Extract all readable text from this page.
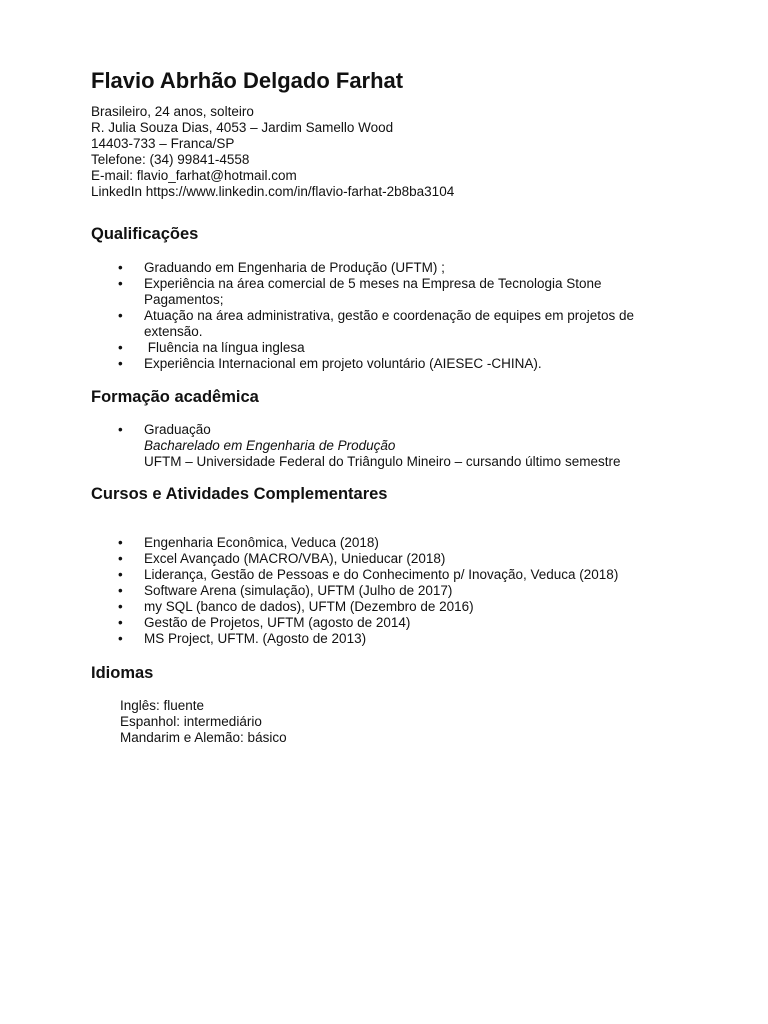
Flavio Abrhão Delgado Farhat
Brasileiro, 24 anos, solteiro
R. Julia Souza Dias, 4053 – Jardim Samello Wood
14403-733 – Franca/SP
Telefone: (34) 99841-4558
E-mail: flavio_farhat@hotmail.com
LinkedIn https://www.linkedin.com/in/flavio-farhat-2b8ba3104
Qualificações
•	Graduando em Engenharia de Produção (UFTM) ;
•	Experiência na área comercial de 5 meses na Empresa de Tecnologia Stone Pagamentos;
•	Atuação na área administrativa, gestão e coordenação de equipes em projetos de extensão.
•	Fluência na língua inglesa
•	Experiência Internacional em projeto voluntário (AIESEC -CHINA).
Formação acadêmica
•	Graduação
Bacharelado em Engenharia de Produção
UFTM – Universidade Federal do Triângulo Mineiro – cursando último semestre
Cursos e Atividades Complementares
•	Engenharia Econômica, Veduca (2018)
•	Excel Avançado (MACRO/VBA), Unieducar (2018)
•	Liderança, Gestão de Pessoas e do Conhecimento p/ Inovação, Veduca (2018)
•	Software Arena (simulação), UFTM (Julho de 2017)
•	my SQL (banco de dados), UFTM (Dezembro de 2016)
•	Gestão de Projetos, UFTM (agosto de 2014)
•	MS Project, UFTM. (Agosto de 2013)
Idiomas
Inglês: fluente
Espanhol: intermediário
Mandarim e Alemão: básico
